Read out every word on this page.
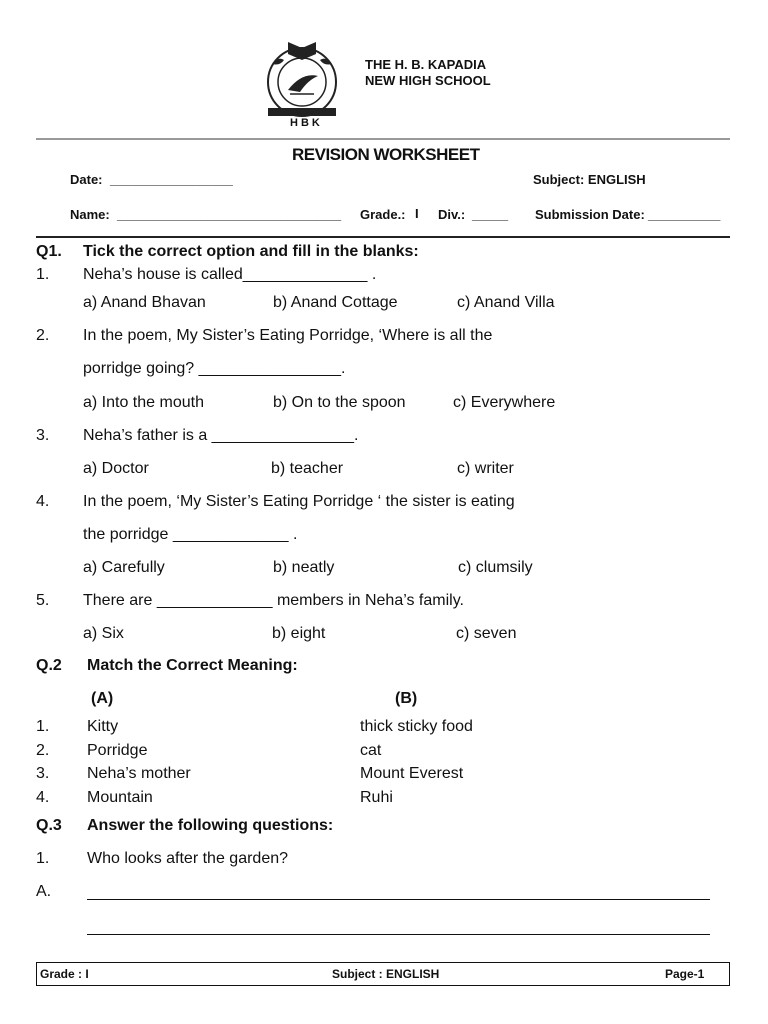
THE H. B. KAPADIA
NEW HIGH SCHOOL
HBK
REVISION WORKSHEET
Date: _________________	Subject: ENGLISH
Name: _______________________________ Grade.: I Div.: _____ Submission Date: __________
Q1. Tick the correct option and fill in the blanks:
1. Neha’s house is called______________ .
a) Anand Bhavan	b) Anand Cottage	c) Anand Villa
2. In the poem, My Sister’s Eating Porridge, ‘Where is all the
porridge going? ________________.
a) Into the mouth	b) On to the spoon	c) Everywhere
3. Neha’s father is a ________________.
a) Doctor	b) teacher	c) writer
4. In the poem, ‘My Sister’s Eating Porridge ‘ the sister is eating
the porridge _____________ .
a) Carefully	b) neatly	c) clumsily
5. There are _____________ members in Neha’s family.
a) Six	b) eight	c) seven
Q.2 Match the Correct Meaning:
(A)	(B)
1. Kitty	thick sticky food
2. Porridge	cat
3. Neha’s mother	Mount Everest
4. Mountain	Ruhi
Q.3 Answer the following questions:
1. Who looks after the garden?
A.
Grade : I	Subject : ENGLISH	Page-1
